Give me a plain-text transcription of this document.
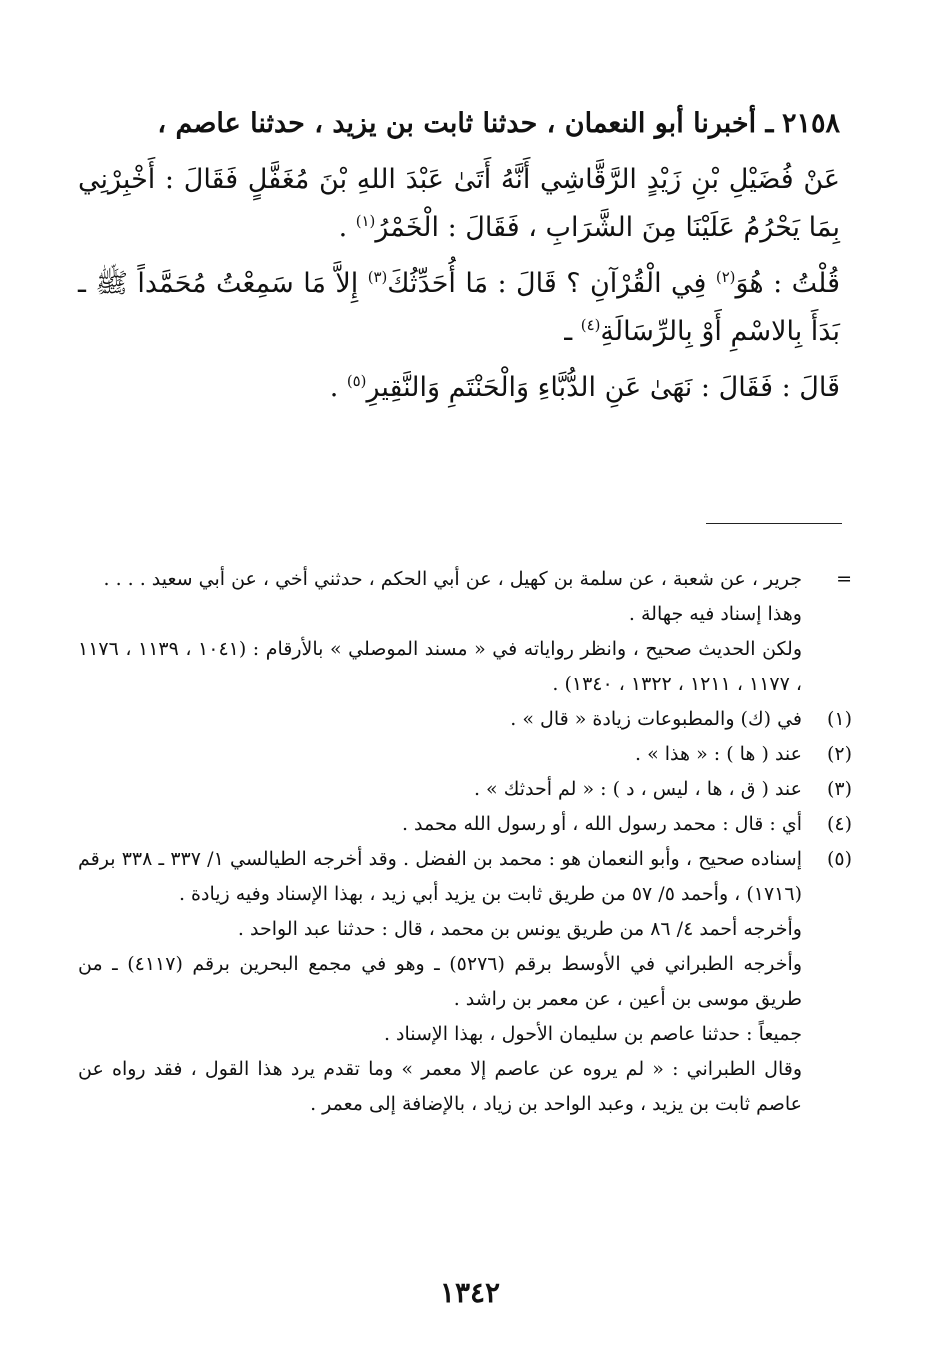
٢١٥٨ ـ أخبرنا أبو النعمان ، حدثنا ثابت بن يزيد ، حدثنا عاصم ،

عَنْ فُضَيْلِ بْنِ زَيْدٍ الرَّقَّاشِي أَنَّهُ أَتَىٰ عَبْدَ اللهِ بْنَ مُغَفَّلٍ فَقَالَ : أَخْبِرْنِي بِمَا يَحْرُمُ عَلَيْنَا مِنَ الشَّرَابِ ، فَقَالَ : الْخَمْرُ$^{(١)}$ .

قُلْتُ : هُوَ$^{(٢)}$ فِي الْقُرْآنِ ؟ قَالَ : مَا أُحَدِّثُكَ$^{(٣)}$ إِلاَّ مَا سَمِعْتُ مُحَمَّداً ﷺ ـ بَدَأَ بِالاسْمِ أَوْ بِالرِّسَالَةِ$^{(٤)}$ ـ

قَالَ : فَقَالَ : نَهَىٰ عَنِ الدُّبَّاءِ وَالْحَنْتَمِ وَالنَّقِيرِ$^{(٥)}$ .

=
جرير ، عن شعبة ، عن سلمة بن كهيل ، عن أبي الحكم ، حدثني أخي ، عن أبي سعيد . . . .
وهذا إسناد فيه جهالة .
ولكن الحديث صحيح ، وانظر رواياته في « مسند الموصلي » بالأرقام : (١٠٤١ ، ١١٣٩ ، ١١٧٦ ، ١١٧٧ ، ١٢١١ ، ١٣٢٢ ، ١٣٤٠) .
(١)
في (ك) والمطبوعات زيادة « قال » .
(٢)
عند ( ها ) : « هذا » .
(٣)
عند ( ق ، ها ، ليس ، د ) : « لم أحدثك » .
(٤)
أي : قال : محمد رسول الله ، أو رسول الله محمد .
(٥)
إسناده صحيح ، وأبو النعمان هو : محمد بن الفضل . وقد أخرجه الطيالسي ١/ ٣٣٧ ـ ٣٣٨ برقم (١٧١٦) ، وأحمد ٥/ ٥٧ من طريق ثابت بن يزيد أبي زيد ، بهذا الإسناد وفيه زيادة .
وأخرجه أحمد ٤/ ٨٦ من طريق يونس بن محمد ، قال : حدثنا عبد الواحد .
وأخرجه الطبراني في الأوسط برقم (٥٢٧٦) ـ وهو في مجمع البحرين برقم (٤١١٧) ـ من طريق موسى بن أعين ، عن معمر بن راشد .
جميعاً : حدثنا عاصم بن سليمان الأحول ، بهذا الإسناد .
وقال الطبراني : « لم يروه عن عاصم إلا معمر » وما تقدم يرد هذا القول ، فقد رواه عن عاصم ثابت بن يزيد ، وعبد الواحد بن زياد ، بالإضافة إلى معمر .
١٣٤٢
